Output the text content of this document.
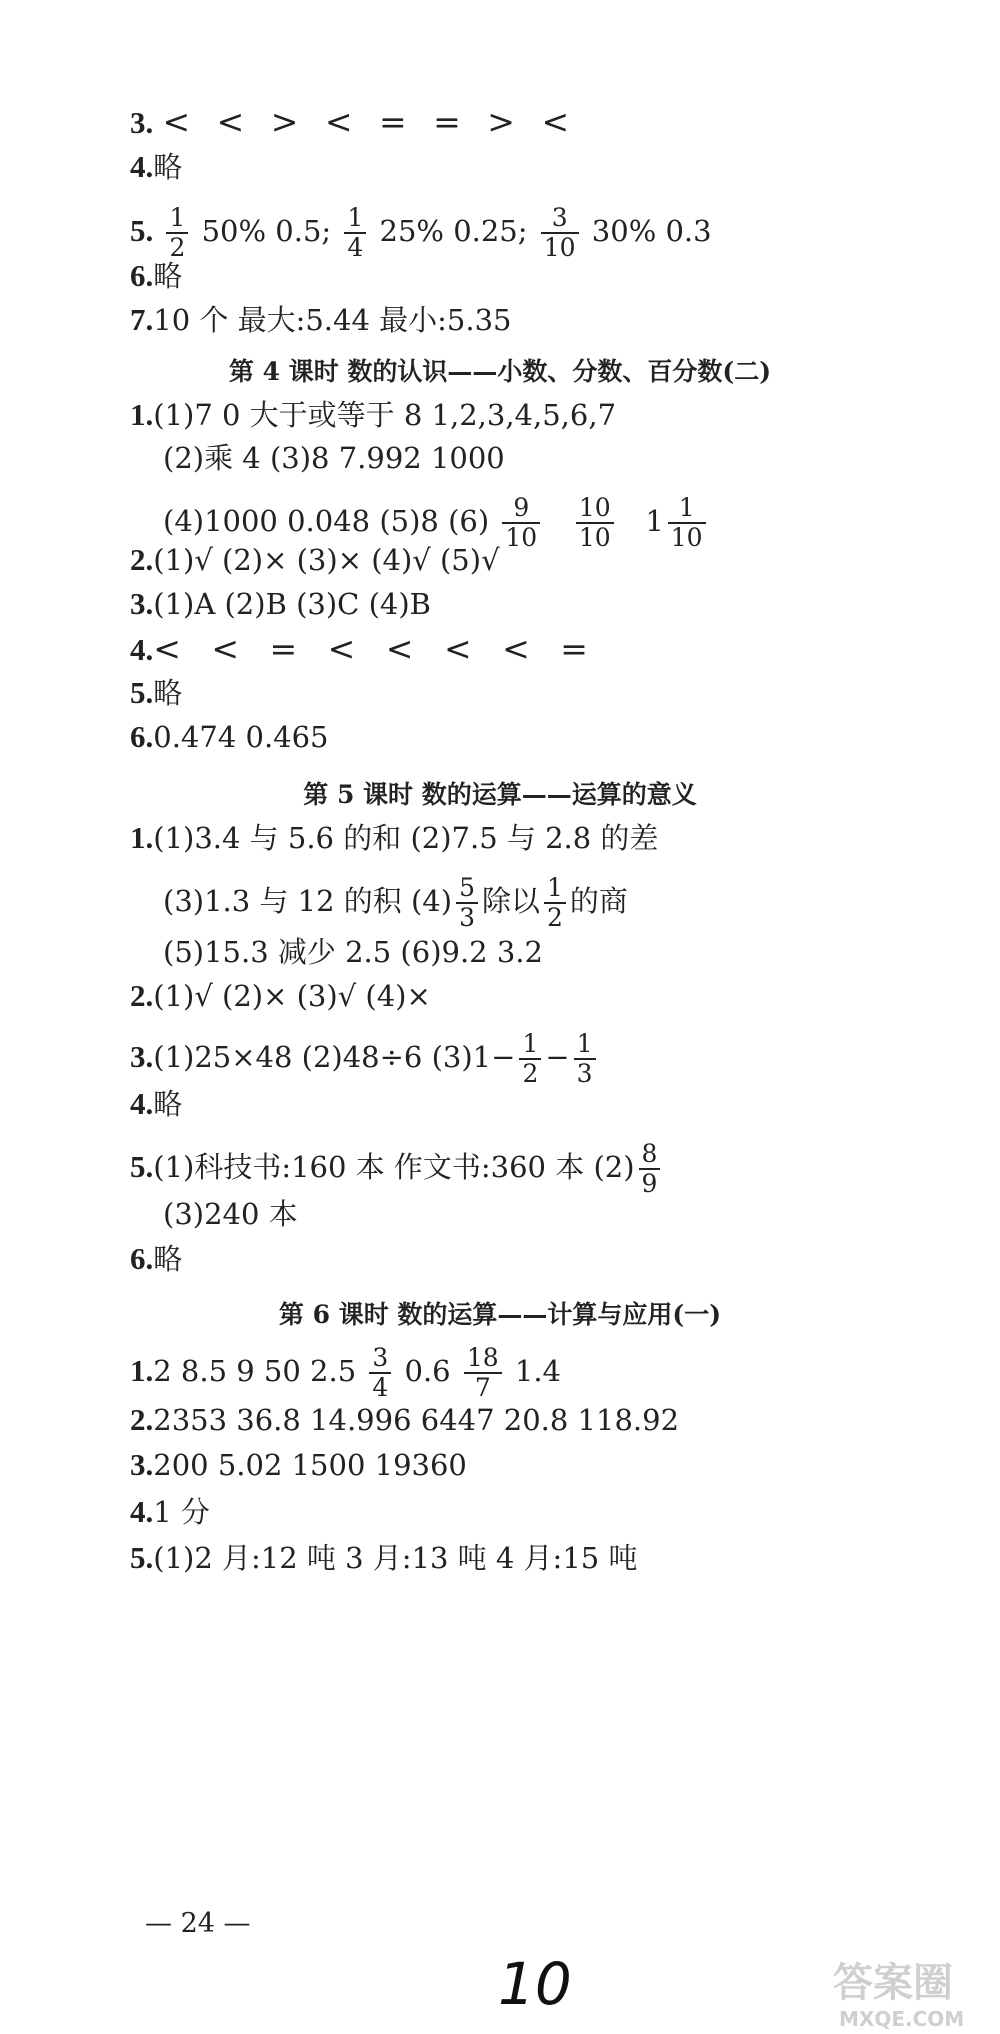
3. < < > < = = > <
4.略
5. $\frac{1}{2} 50\%$ 0.5; $\frac{1}{4} 25\%$ 0.25; $\frac{3}{10} 30\%$ 0.3
6.略
7.10 个 最大:5.44 最小:5.35
第 4 课时 数的认识——小数、分数、百分数(二)
1.(1)7 0 大于或等于 8 1,2,3,4,5,6,7
(2)乘 4 (3)8 7.992 1000
(4)1000 0.048 (5)8 $(6) \frac{9}{10}$
$\frac{10}{10} 1 \frac{1}{10}$
2.(1)√ (2)× (3)× (4)√ (5)√
3.(1)A (2)B (3)C (4)B
4.< < = < < < < =
5.略
6.0.474 0.465
第 5 课时 数的运算——运算的意义
1.(1)3.4 与 5.6 的和 (2)7.5 与 2.8 的差
(3)1.3 与 12 的积 $(4) \frac{5}{3}$ 除以 $\frac{1}{2}$ 的商
(5)15.3 减少 2.5 (6)9.2 3.2
2.(1)√ (2)× (3)√ (4)×
3.(1)25×48 (2)48÷6 $(3)1- \frac{1}{2} - \frac{1}{3}$
4.略
5.(1)科技书:160 本 作文书:360 本 $(2) \frac{8}{9}$
(3)240 本
6.略
第 6 课时 数的运算——计算与应用(一)
1.2 8.5 9 50 $2.5 \frac{3}{4} 0.6 \frac{18}{7} 1.4$
2.2353 36.8 14.996 6447 20.8 118.92
3.200 5.02 1500 19360
4.1 分
5.(1)2 月:12 吨 3 月:13 吨 4 月:15 吨
— 24 —
10	答案圈
MXQE.COM
